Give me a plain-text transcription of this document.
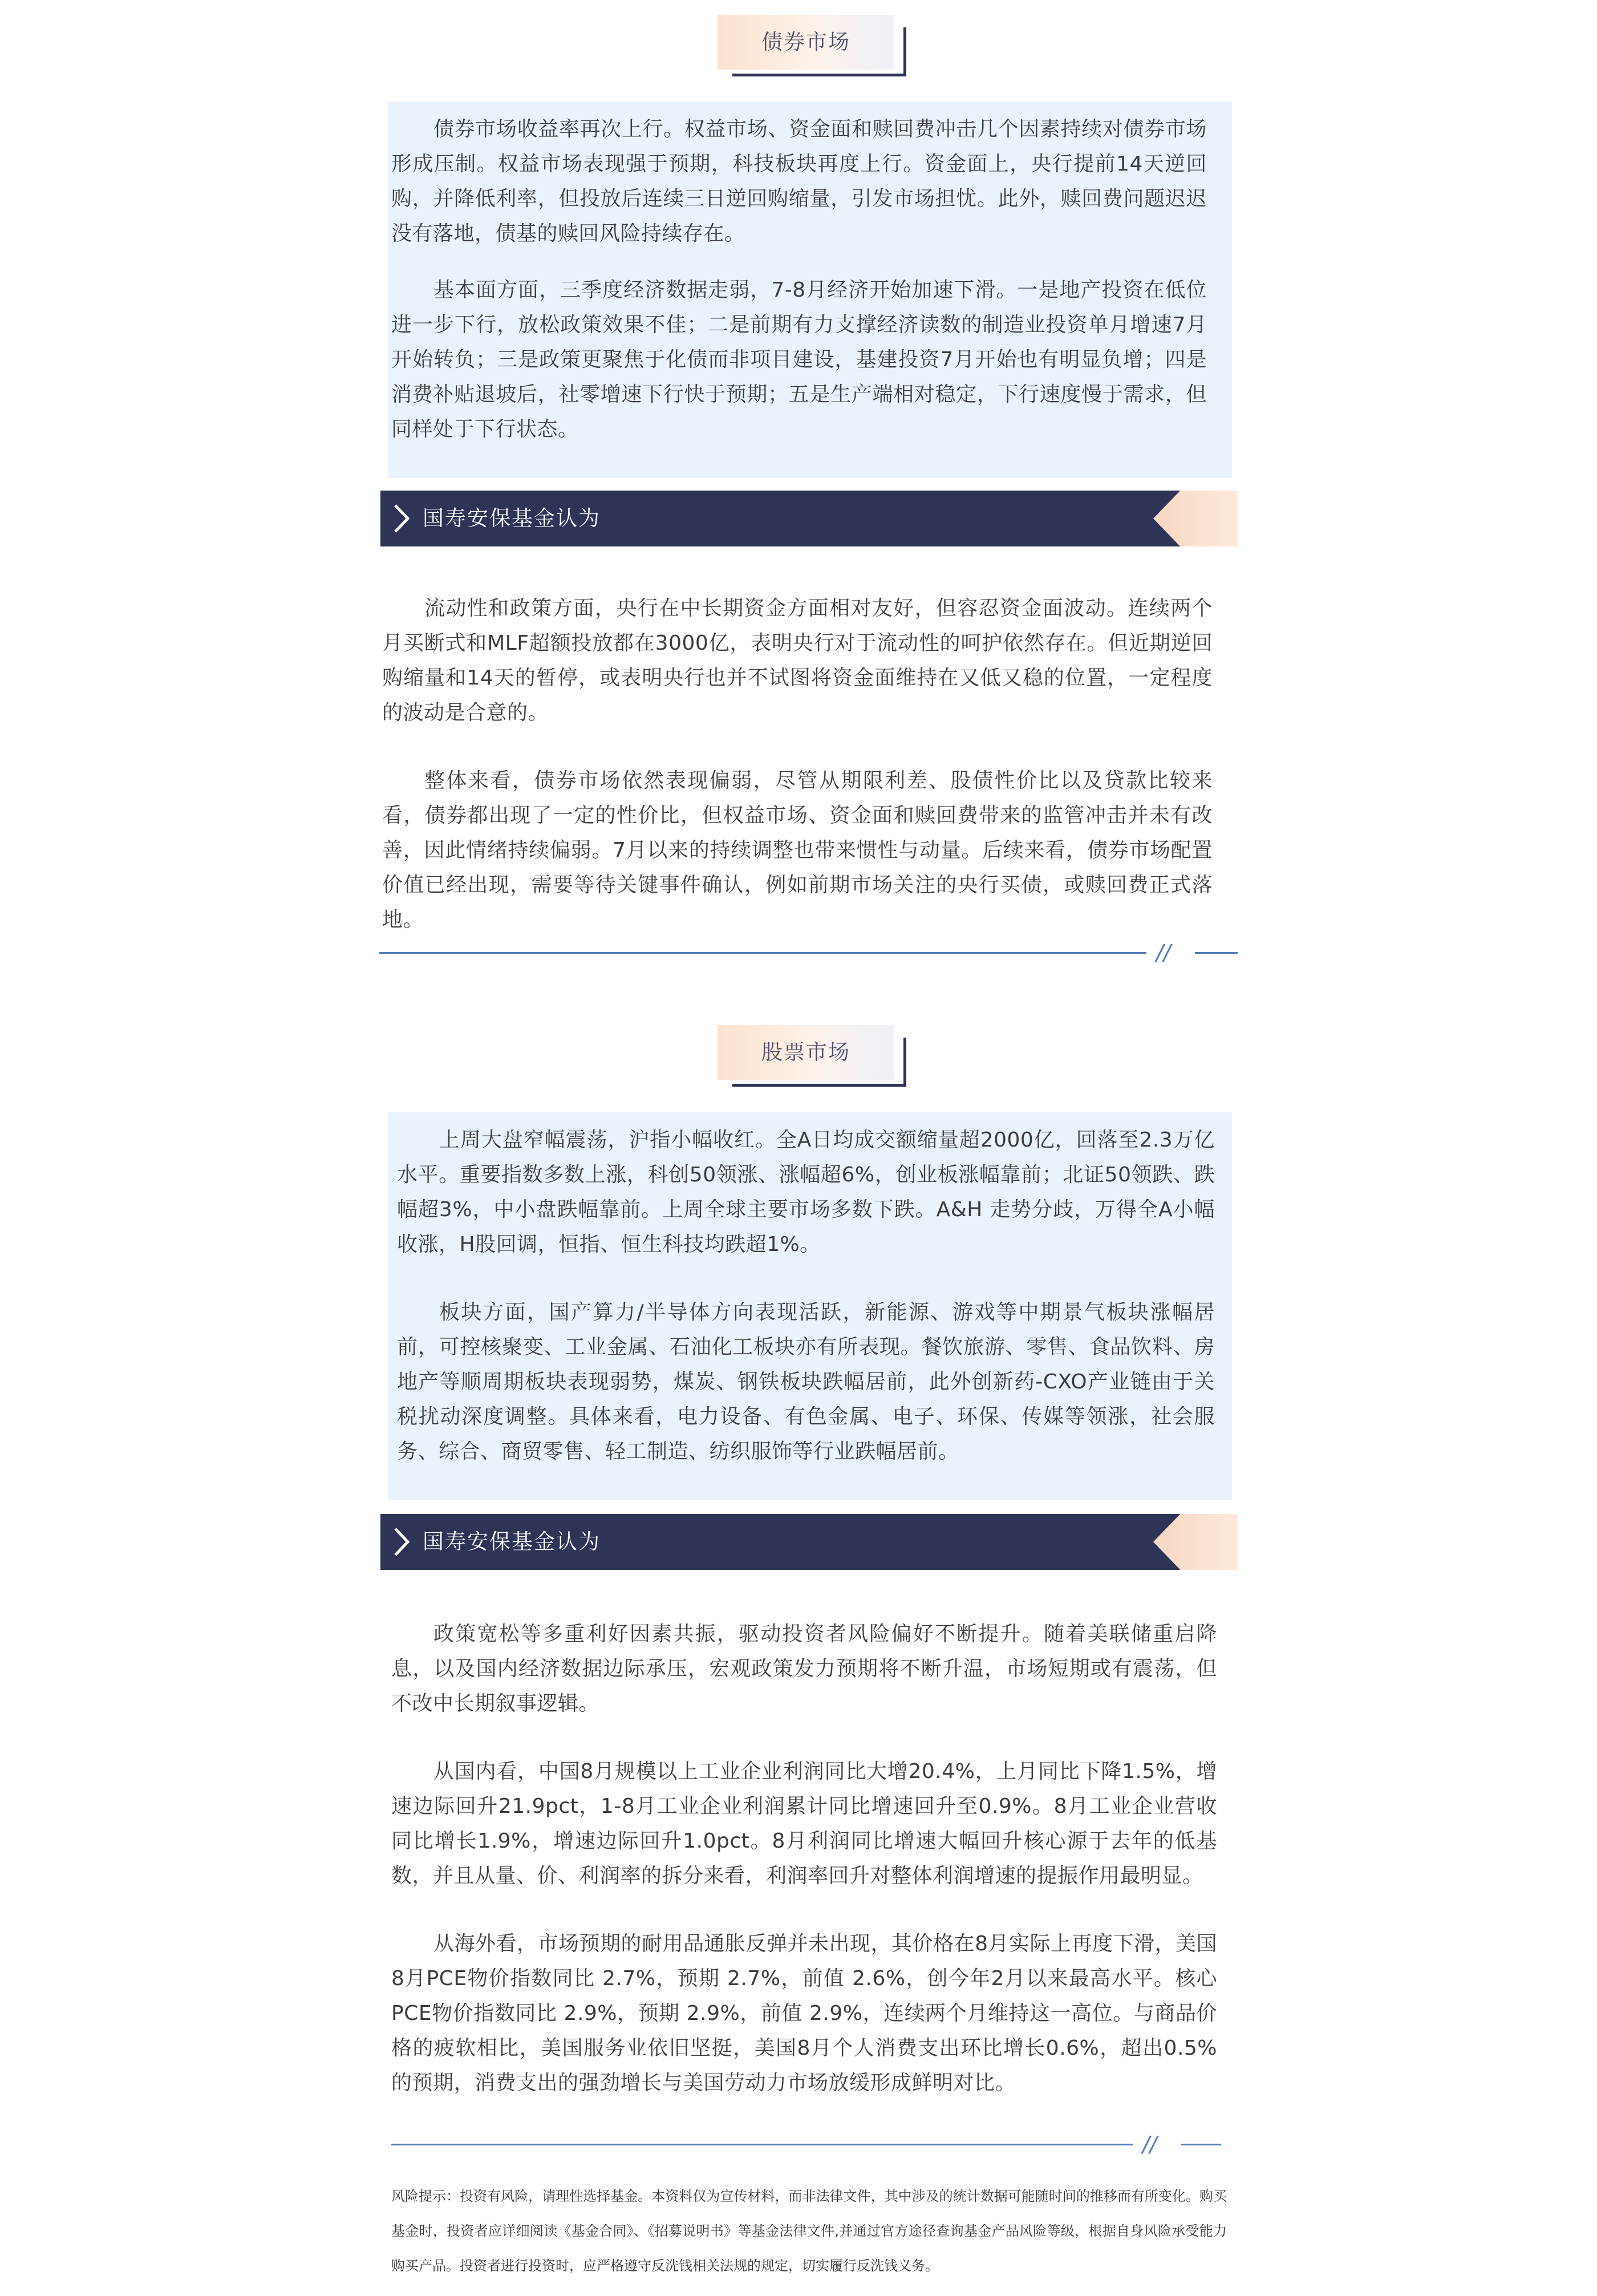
债券市场
债券市场收益率再次上行。权益市场、资金面和赎回费冲击几个因素持续对债券市场形成压制。权益市场表现强于预期，科技板块再度上行。资金面上，央行提前14天逆回购，并降低利率，但投放后连续三日逆回购缩量，引发市场担忧。此外，赎回费问题迟迟没有落地，债基的赎回风险持续存在。
基本面方面，三季度经济数据走弱，7-8月经济开始加速下滑。一是地产投资在低位进一步下行，放松政策效果不佳；二是前期有力支撑经济读数的制造业投资单月增速7月开始转负；三是政策更聚焦于化债而非项目建设，基建投资7月开始也有明显负增；四是消费补贴退坡后，社零增速下行快于预期；五是生产端相对稳定，下行速度慢于需求，但同样处于下行状态。
国寿安保基金认为
流动性和政策方面，央行在中长期资金方面相对友好，但容忍资金面波动。连续两个月买断式和MLF超额投放都在3000亿，表明央行对于流动性的呵护依然存在。但近期逆回购缩量和14天的暂停，或表明央行也并不试图将资金面维持在又低又稳的位置，一定程度的波动是合意的。
整体来看，债券市场依然表现偏弱，尽管从期限利差、股债性价比以及贷款比较来看，债券都出现了一定的性价比，但权益市场、资金面和赎回费带来的监管冲击并未有改善，因此情绪持续偏弱。7月以来的持续调整也带来惯性与动量。后续来看，债券市场配置价值已经出现，需要等待关键事件确认，例如前期市场关注的央行买债，或赎回费正式落地。
//
股票市场
上周大盘窄幅震荡，沪指小幅收红。全A日均成交额缩量超2000亿，回落至2.3万亿水平。重要指数多数上涨，科创50领涨、涨幅超6%，创业板涨幅靠前；北证50领跌、跌幅超3%，中小盘跌幅靠前。上周全球主要市场多数下跌。A&H 走势分歧，万得全A小幅收涨，H股回调，恒指、恒生科技均跌超1%。
板块方面，国产算力/半导体方向表现活跃，新能源、游戏等中期景气板块涨幅居前，可控核聚变、工业金属、石油化工板块亦有所表现。餐饮旅游、零售、食品饮料、房地产等顺周期板块表现弱势，煤炭、钢铁板块跌幅居前，此外创新药-CXO产业链由于关税扰动深度调整。具体来看，电力设备、有色金属、电子、环保、传媒等领涨，社会服务、综合、商贸零售、轻工制造、纺织服饰等行业跌幅居前。
国寿安保基金认为
政策宽松等多重利好因素共振，驱动投资者风险偏好不断提升。随着美联储重启降息，以及国内经济数据边际承压，宏观政策发力预期将不断升温，市场短期或有震荡，但不改中长期叙事逻辑。
从国内看，中国8月规模以上工业企业利润同比大增20.4%，上月同比下降1.5%，增速边际回升21.9pct，1-8月工业企业利润累计同比增速回升至0.9%。8月工业企业营收同比增长1.9%，增速边际回升1.0pct。8月利润同比增速大幅回升核心源于去年的低基数，并且从量、价、利润率的拆分来看，利润率回升对整体利润增速的提振作用最明显。
从海外看，市场预期的耐用品通胀反弹并未出现，其价格在8月实际上再度下滑，美国8月PCE物价指数同比 2.7%，预期 2.7%，前值 2.6%，创今年2月以来最高水平。核心PCE物价指数同比 2.9%，预期 2.9%，前值 2.9%，连续两个月维持这一高位。与商品价格的疲软相比，美国服务业依旧坚挺，美国8月个人消费支出环比增长0.6%，超出0.5%的预期，消费支出的强劲增长与美国劳动力市场放缓形成鲜明对比。
//
风险提示：投资有风险，请理性选择基金。本资料仅为宣传材料，而非法律文件，其中涉及的统计数据可能随时间的推移而有所变化。购买基金时，投资者应详细阅读《基金合同》、《招募说明书》等基金法律文件,并通过官方途径查询基金产品风险等级，根据自身风险承受能力购买产品。投资者进行投资时，应严格遵守反洗钱相关法规的规定，切实履行反洗钱义务。
